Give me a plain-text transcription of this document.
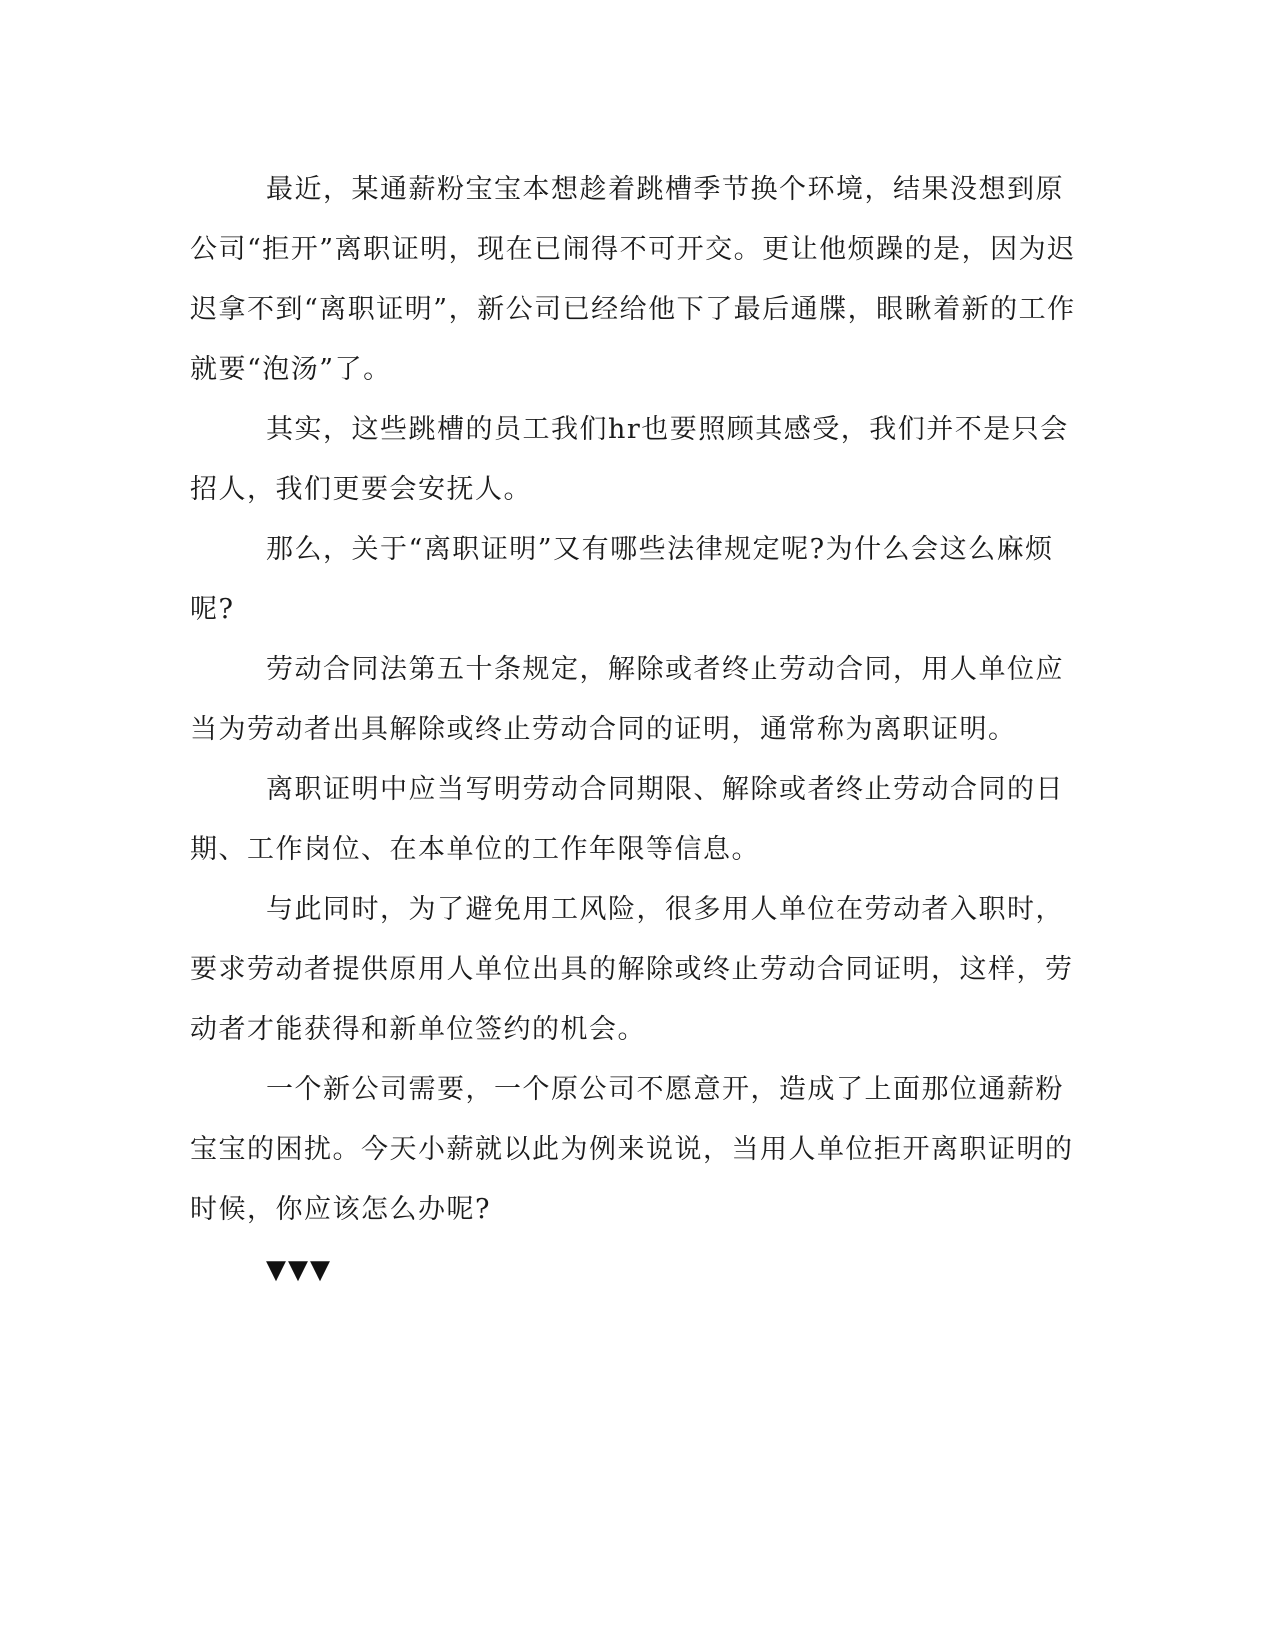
最近，某通薪粉宝宝本想趁着跳槽季节换个环境，结果没想到原公司“拒开”离职证明，现在已闹得不可开交。更让他烦躁的是，因为迟迟拿不到“离职证明”，新公司已经给他下了最后通牒，眼瞅着新的工作就要“泡汤”了。

其实，这些跳槽的员工我们hr也要照顾其感受，我们并不是只会招人，我们更要会安抚人。

那么，关于“离职证明”又有哪些法律规定呢?为什么会这么麻烦呢?

劳动合同法第五十条规定，解除或者终止劳动合同，用人单位应当为劳动者出具解除或终止劳动合同的证明，通常称为离职证明。

离职证明中应当写明劳动合同期限、解除或者终止劳动合同的日期、工作岗位、在本单位的工作年限等信息。

与此同时，为了避免用工风险，很多用人单位在劳动者入职时，要求劳动者提供原用人单位出具的解除或终止劳动合同证明，这样，劳动者才能获得和新单位签约的机会。

一个新公司需要，一个原公司不愿意开，造成了上面那位通薪粉宝宝的困扰。今天小薪就以此为例来说说，当用人单位拒开离职证明的时候，你应该怎么办呢?

▼▼▼
